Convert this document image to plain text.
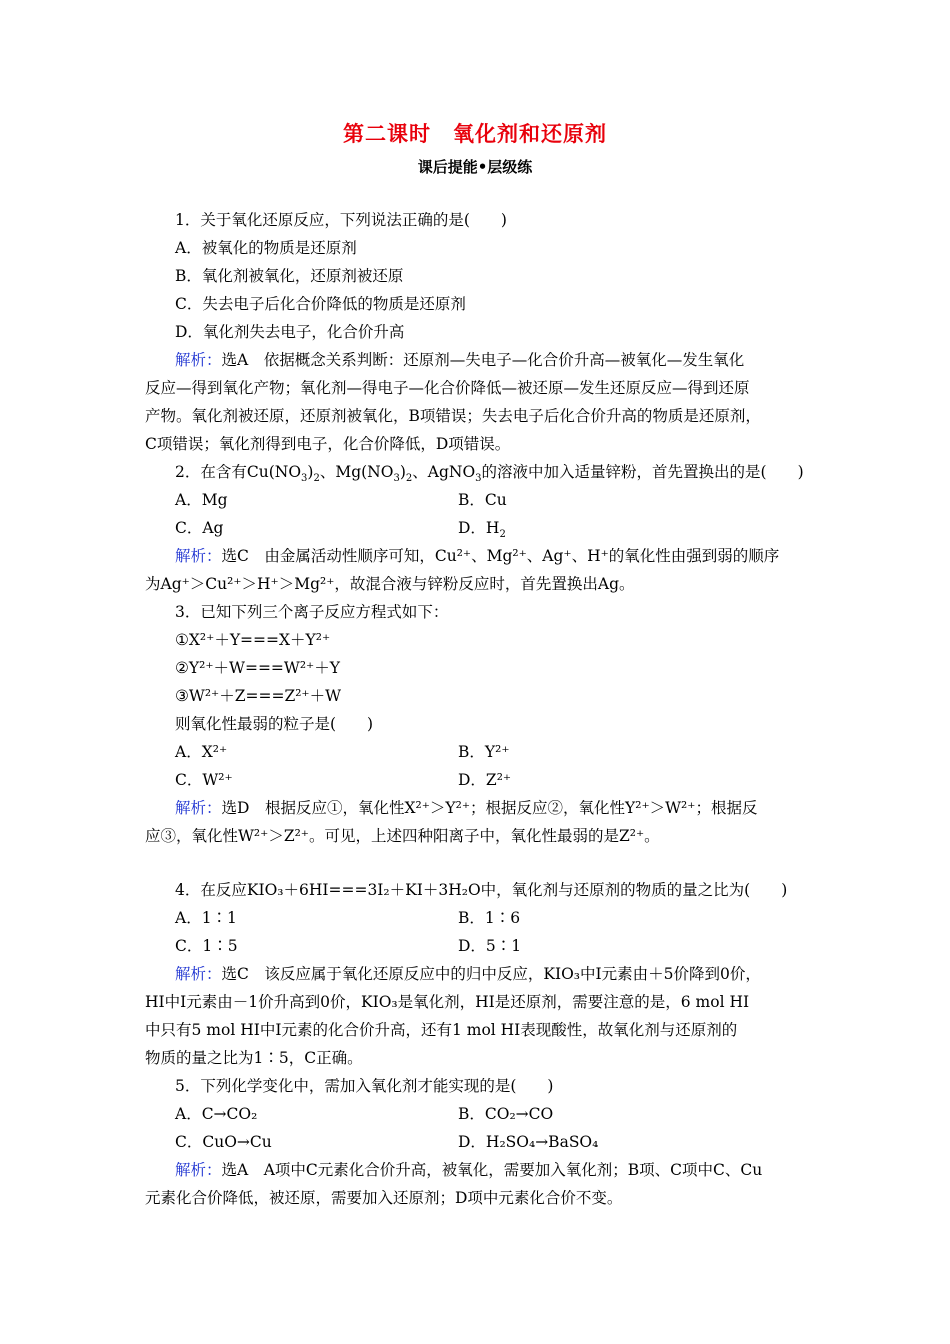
第二课时 氧化剂和还原剂
课后提能•层级练
1．关于氧化还原反应，下列说法正确的是(　　)
A．被氧化的物质是还原剂
B．氧化剂被氧化，还原剂被还原
C．失去电子后化合价降低的物质是还原剂
D．氧化剂失去电子，化合价升高
解析：选A　依据概念关系判断：还原剂—失电子—化合价升高—被氧化—发生氧化
反应—得到氧化产物；氧化剂—得电子—化合价降低—被还原—发生还原反应—得到还原
产物。氧化剂被还原，还原剂被氧化，B项错误；失去电子后化合价升高的物质是还原剂，
C项错误；氧化剂得到电子，化合价降低，D项错误。
2．在含有$Cu(NO_3)_2$、$Mg(NO_3)_2$、AgNO$_3$的溶液中加入适量锌粉，首先置换出的是(　　)
A．Mg	B．Cu
C．Ag	D．$H_2$
解析：选C　由金属活动性顺序可知，Cu²⁺、Mg²⁺、Ag⁺、H⁺的氧化性由强到弱的顺序
为Ag⁺＞Cu²⁺＞H⁺＞Mg²⁺，故混合液与锌粉反应时，首先置换出Ag。
3．已知下列三个离子反应方程式如下：
①X²⁺＋Y===X＋Y²⁺
②Y²⁺＋W===W²⁺＋Y
③W²⁺＋Z===Z²⁺＋W
则氧化性最弱的粒子是(　　)
A．X²⁺	B．Y²⁺
C．W²⁺	D．Z²⁺
解析：选D　根据反应①，氧化性X²⁺＞Y²⁺；根据反应②，氧化性Y²⁺＞W²⁺；根据反
应③，氧化性W²⁺＞Z²⁺。可见，上述四种阳离子中，氧化性最弱的是Z²⁺。
4．在反应KIO₃＋6HI===3I₂＋KI＋3H₂O中，氧化剂与还原剂的物质的量之比为(　　)
A．1∶1	B．1∶6
C．1∶5	D．5∶1
解析：选C　该反应属于氧化还原反应中的归中反应，KIO₃中I元素由＋5价降到0价，
HI中I元素由－1价升高到0价，KIO₃是氧化剂，HI是还原剂，需要注意的是，6 mol HI
中只有5 mol HI中I元素的化合价升高，还有1 mol HI表现酸性，故氧化剂与还原剂的
物质的量之比为1∶5，C正确。
5．下列化学变化中，需加入氧化剂才能实现的是(　　)
A．C→CO₂	B．CO₂→CO
C．CuO→Cu	D．H₂SO₄→BaSO₄
解析：选A　A项中C元素化合价升高，被氧化，需要加入氧化剂；B项、C项中C、Cu
元素化合价降低，被还原，需要加入还原剂；D项中元素化合价不变。
